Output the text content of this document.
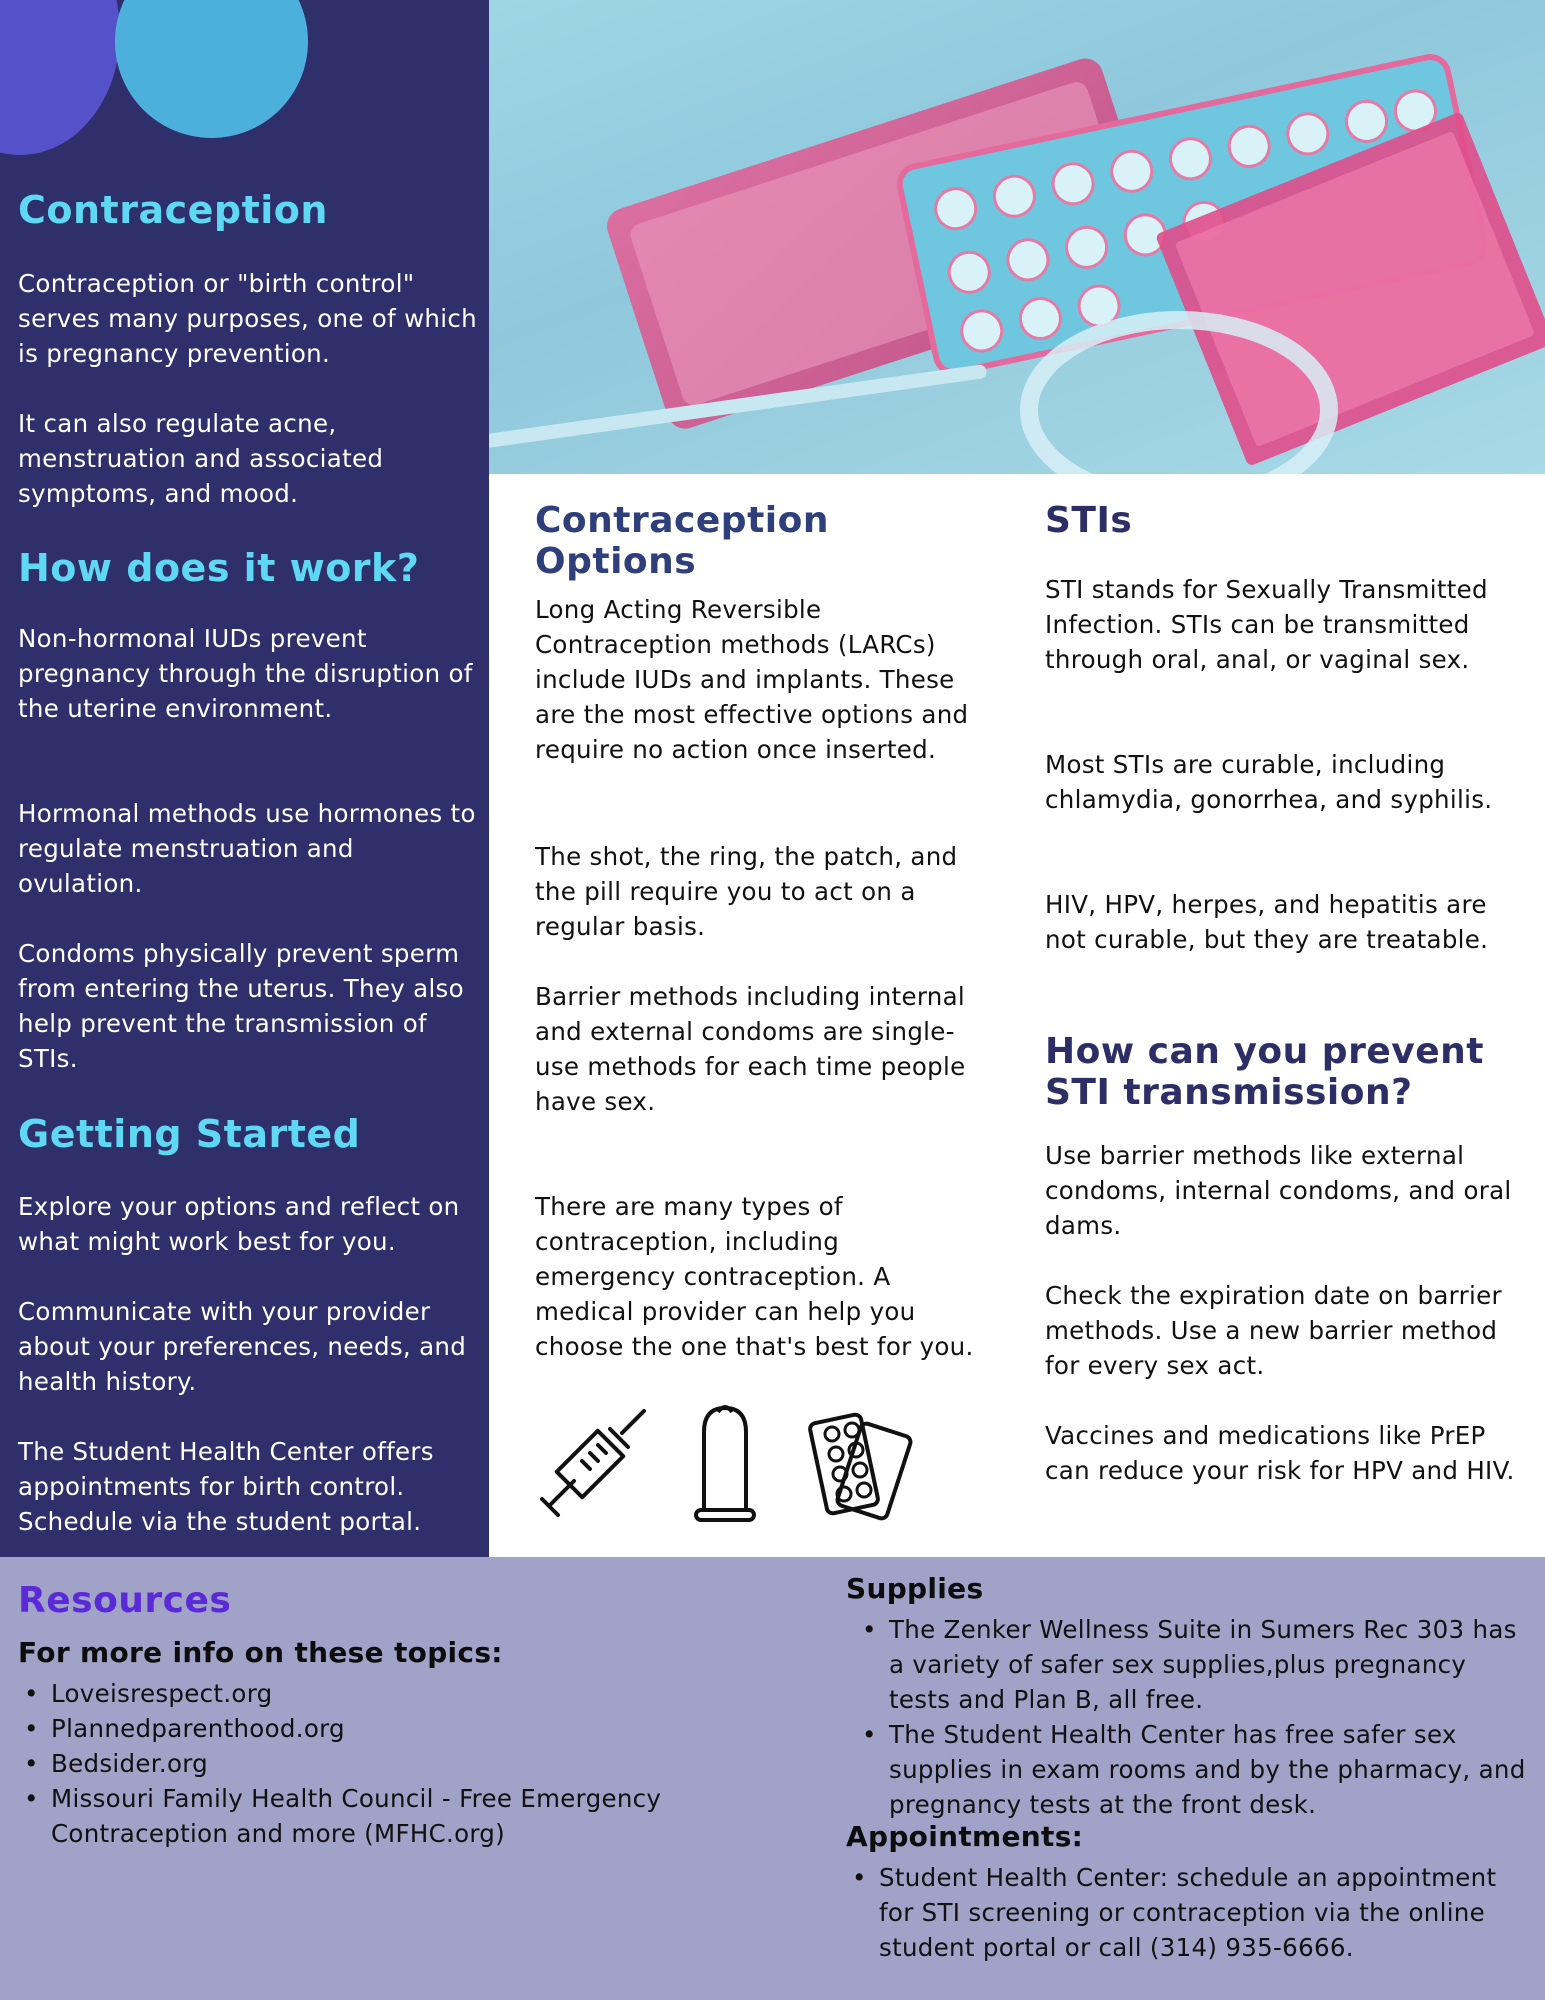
Contraception

Contraception or "birth control" serves many purposes, one of which is pregnancy prevention.

It can also regulate acne, menstruation and associated symptoms, and mood.

How does it work?

Non-hormonal IUDs prevent pregnancy through the disruption of the uterine environment.

Hormonal methods use hormones to regulate menstruation and ovulation.

Condoms physically prevent sperm from entering the uterus. They also help prevent the transmission of STIs.

Getting Started

Explore your options and reflect on what might work best for you.

Communicate with your provider about your preferences, needs, and health history.

The Student Health Center offers appointments for birth control. Schedule via the student portal.

Contraception Options

Long Acting Reversible Contraception methods (LARCs) include IUDs and implants. These are the most effective options and require no action once inserted.

The shot, the ring, the patch, and the pill require you to act on a regular basis.

Barrier methods including internal and external condoms are single-use methods for each time people have sex.

There are many types of contraception, including emergency contraception. A medical provider can help you choose the one that's best for you.

STIs

STI stands for Sexually Transmitted Infection. STIs can be transmitted through oral, anal, or vaginal sex.

Most STIs are curable, including chlamydia, gonorrhea, and syphilis.

HIV, HPV, herpes, and hepatitis are not curable, but they are treatable.

How can you prevent STI transmission?

Use barrier methods like external condoms, internal condoms, and oral dams.

Check the expiration date on barrier methods. Use a new barrier method for every sex act.

Vaccines and medications like PrEP can reduce your risk for HPV and HIV.

Resources
For more info on these topics:
• Loveisrespect.org
• Plannedparenthood.org
• Bedsider.org
• Missouri Family Health Council - Free Emergency Contraception and more (MFHC.org)
Supplies
• The Zenker Wellness Suite in Sumers Rec 303 has a variety of safer sex supplies,plus pregnancy tests and Plan B, all free.
• The Student Health Center has free safer sex supplies in exam rooms and by the pharmacy, and pregnancy tests at the front desk.
Appointments:
• Student Health Center: schedule an appointment for STI screening or contraception via the online student portal or call (314) 935-6666.
